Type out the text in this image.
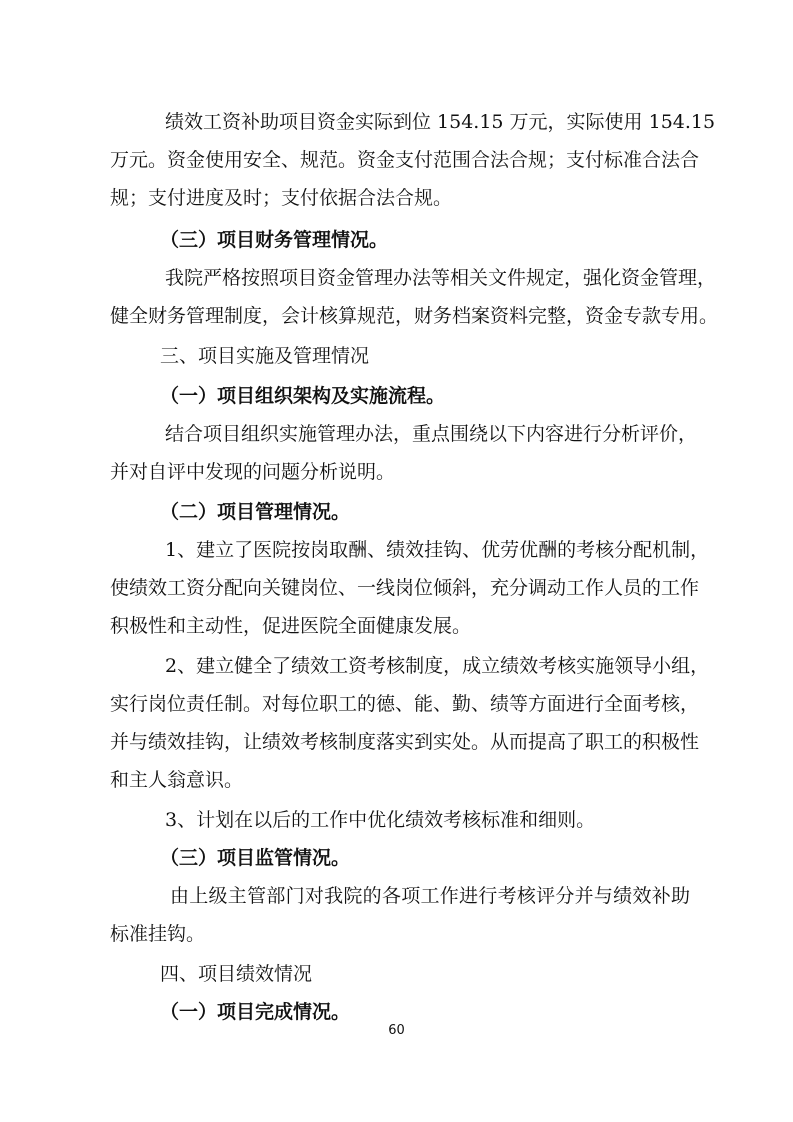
绩效工资补助项目资金实际到位 154.15 万元，实际使用 154.15
万元。资金使用安全、规范。资金支付范围合法合规；支付标准合法合
规；支付进度及时；支付依据合法合规。
（三）项目财务管理情况。
我院严格按照项目资金管理办法等相关文件规定，强化资金管理，
健全财务管理制度，会计核算规范，财务档案资料完整，资金专款专用。
三、项目实施及管理情况
（一）项目组织架构及实施流程。
结合项目组织实施管理办法，重点围绕以下内容进行分析评价，
并对自评中发现的问题分析说明。
（二）项目管理情况。
1、建立了医院按岗取酬、绩效挂钩、优劳优酬的考核分配机制，
使绩效工资分配向关键岗位、一线岗位倾斜，充分调动工作人员的工作
积极性和主动性，促进医院全面健康发展。
2、建立健全了绩效工资考核制度，成立绩效考核实施领导小组，
实行岗位责任制。对每位职工的德、能、勤、绩等方面进行全面考核，
并与绩效挂钩，让绩效考核制度落实到实处。从而提高了职工的积极性
和主人翁意识。
3、计划在以后的工作中优化绩效考核标准和细则。
（三）项目监管情况。
由上级主管部门对我院的各项工作进行考核评分并与绩效补助
标准挂钩。
四、项目绩效情况
（一）项目完成情况。
60
